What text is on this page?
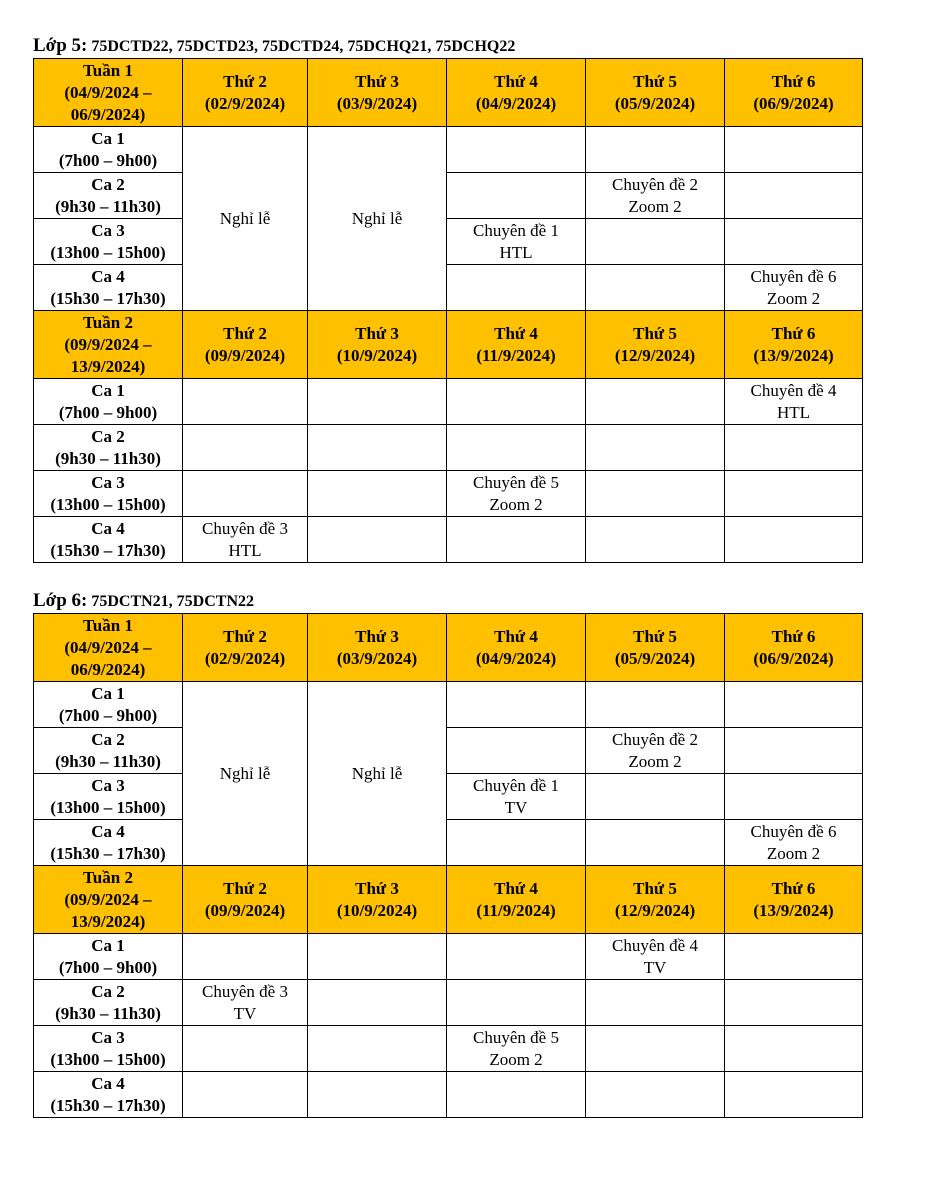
Lớp 5: 75DCTD22, 75DCTD23, 75DCTD24, 75DCHQ21, 75DCHQ22
Tuần 1
(04/9/2024 –
06/9/2024)	Thứ 2
(02/9/2024)	Thứ 3
(03/9/2024)	Thứ 4
(04/9/2024)	Thứ 5
(05/9/2024)	Thứ 6
(06/9/2024)

Ca 1
(7h00 – 9h00)	Nghỉ lễ	Nghỉ lễ			

Ca 2
(9h30 – 11h30)				Chuyên đề 2
Zoom 2	

Ca 3
(13h00 – 15h00)			Chuyên đề 1
HTL		

Ca 4
(15h30 – 17h30)					Chuyên đề 6
Zoom 2

Tuần 2
(09/9/2024 –
13/9/2024)	Thứ 2
(09/9/2024)	Thứ 3
(10/9/2024)	Thứ 4
(11/9/2024)	Thứ 5
(12/9/2024)	Thứ 6
(13/9/2024)

Ca 1
(7h00 – 9h00)					Chuyên đề 4
HTL

Ca 2
(9h30 – 11h30)					

Ca 3
(13h00 – 15h00)			Chuyên đề 5
Zoom 2		

Ca 4
(15h30 – 17h30)	Chuyên đề 3
HTL				

Lớp 6: 75DCTN21, 75DCTN22
Tuần 1
(04/9/2024 –
06/9/2024)	Thứ 2
(02/9/2024)	Thứ 3
(03/9/2024)	Thứ 4
(04/9/2024)	Thứ 5
(05/9/2024)	Thứ 6
(06/9/2024)

Ca 1
(7h00 – 9h00)	Nghỉ lễ	Nghỉ lễ			

Ca 2
(9h30 – 11h30)				Chuyên đề 2
Zoom 2	

Ca 3
(13h00 – 15h00)			Chuyên đề 1
TV		

Ca 4
(15h30 – 17h30)					Chuyên đề 6
Zoom 2

Tuần 2
(09/9/2024 –
13/9/2024)	Thứ 2
(09/9/2024)	Thứ 3
(10/9/2024)	Thứ 4
(11/9/2024)	Thứ 5
(12/9/2024)	Thứ 6
(13/9/2024)

Ca 1
(7h00 – 9h00)				Chuyên đề 4
TV	

Ca 2
(9h30 – 11h30)	Chuyên đề 3
TV				

Ca 3
(13h00 – 15h00)			Chuyên đề 5
Zoom 2		

Ca 4
(15h30 – 17h30)					
